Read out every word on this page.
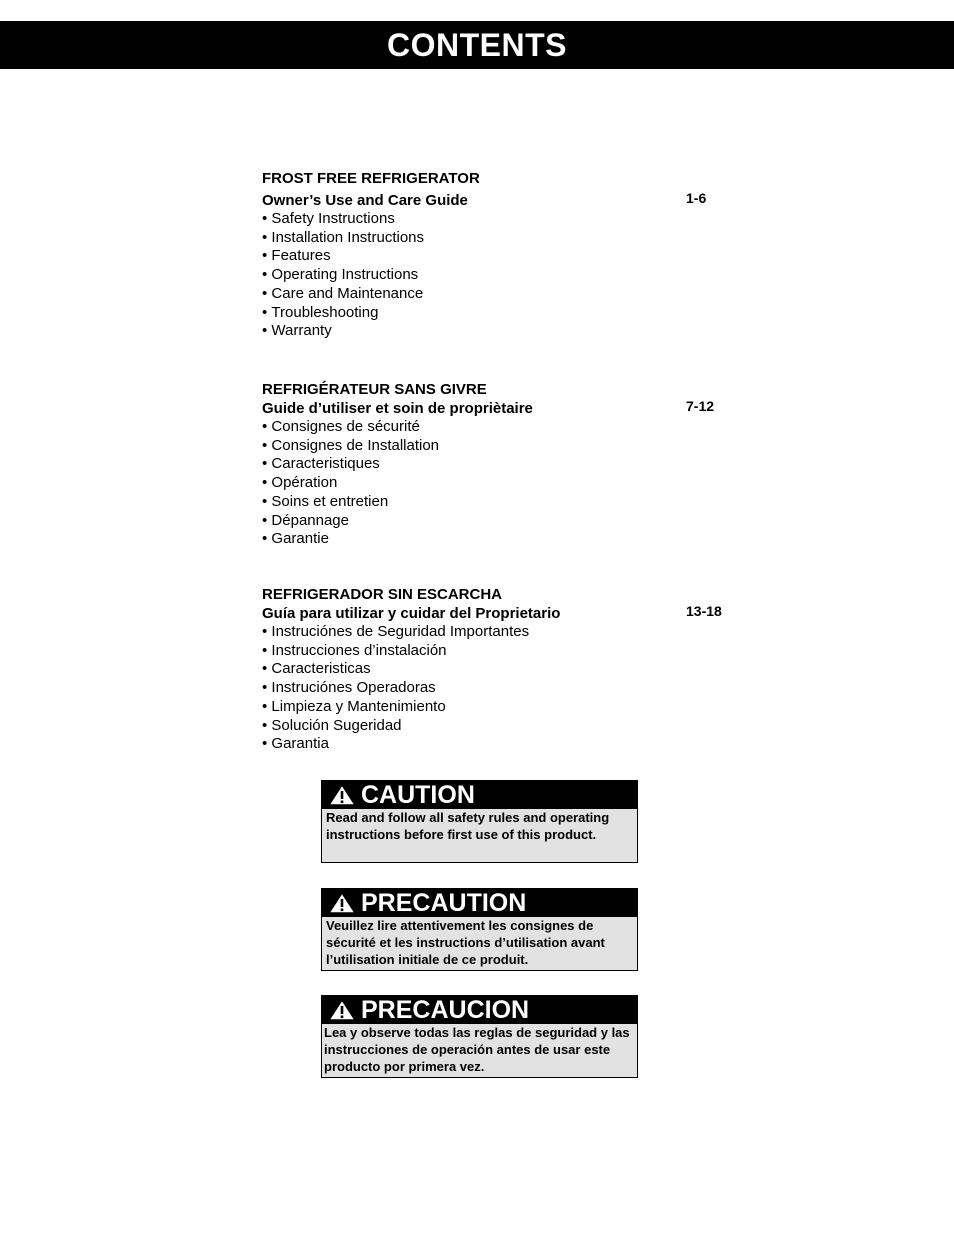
CONTENTS
FROST FREE REFRIGERATOR
Owner’s Use and Care Guide	1-6
• Safety Instructions
• Installation Instructions
• Features
• Operating Instructions
• Care and Maintenance
• Troubleshooting
• Warranty
REFRIGÉRATEUR SANS GIVRE
Guide d’utiliser et soin de propriètaire	7-12
• Consignes de sécurité
• Consignes de Installation
• Caracteristiques
• Opération
• Soins et entretien
• Dépannage
• Garantie
REFRIGERADOR SIN ESCARCHA
Guía para utilizar y cuidar del Proprietario	13-18
• Instruciónes de Seguridad Importantes
• Instrucciones d’instalación
• Caracteristicas
• Instruciónes Operadoras
• Limpieza y Mantenimiento
• Solución Sugeridad
• Garantia
CAUTION
Read and follow all safety rules and operating instructions before first use of this product.
PRECAUTION
Veuillez lire attentivement les consignes de sécurité et les instructions d’utilisation avant l’utilisation initiale de ce produit.
PRECAUCION
Lea y observe todas las reglas de seguridad y las instrucciones de operación antes de usar este producto por primera vez.
